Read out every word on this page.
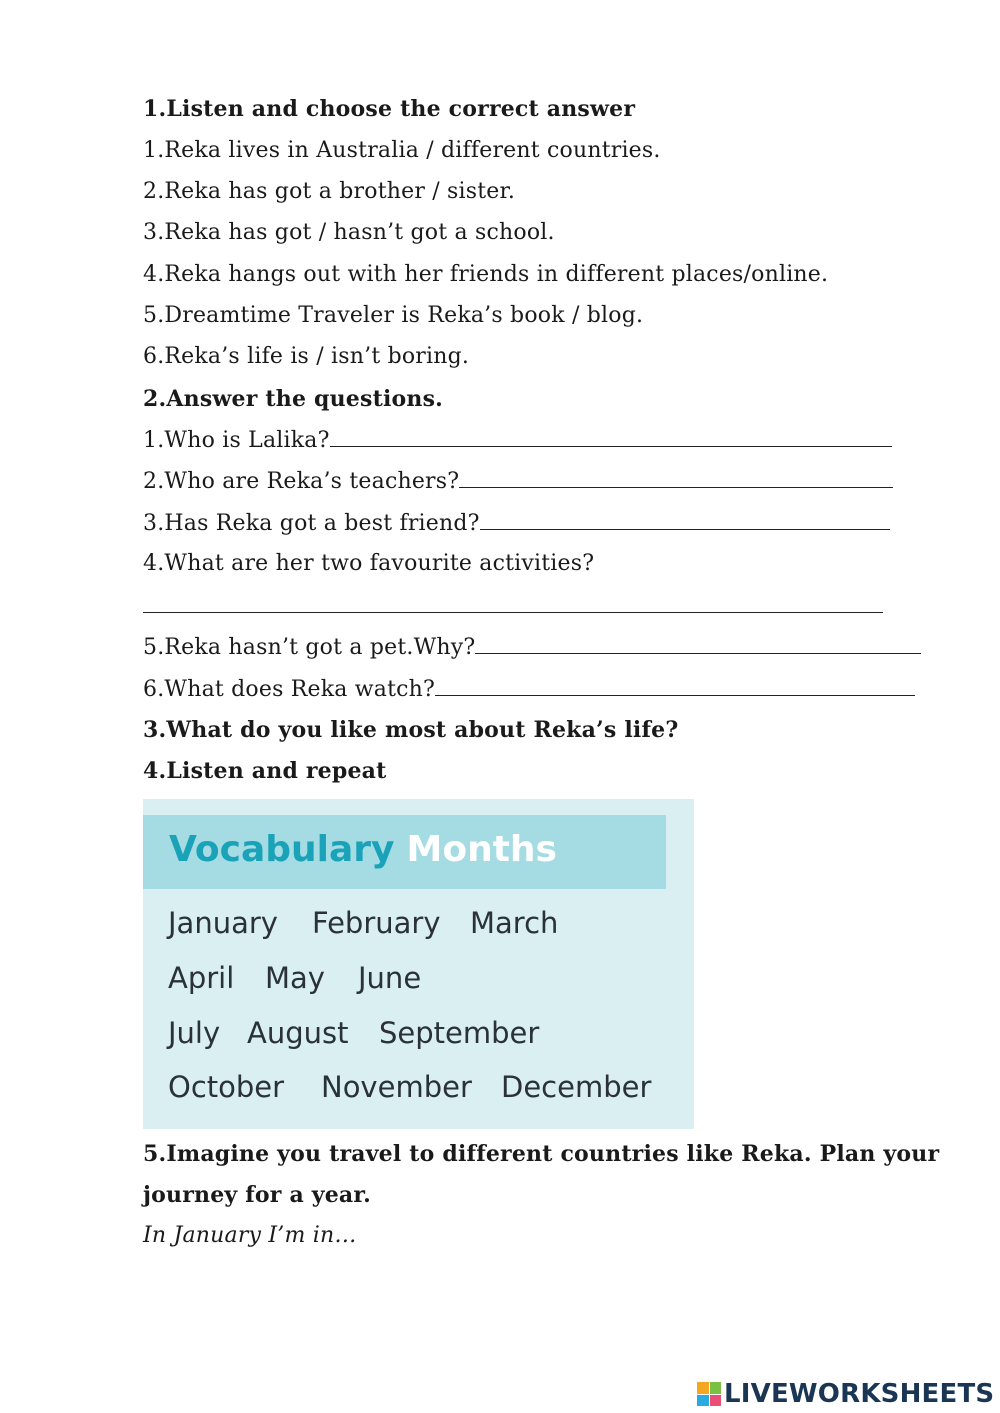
1.Listen and choose the correct answer
1.Reka lives in Australia / different countries.
2.Reka has got a brother / sister.
3.Reka has got / hasn’t got a school.
4.Reka hangs out with her friends in different places/online.
5.Dreamtime Traveler is Reka’s book / blog.
6.Reka’s life is / isn’t boring.
2.Answer the questions.
1.Who is Lalika?
2.Who are Reka’s teachers?
3.Has Reka got a best friend?
4.What are her two favourite activities?
5.Reka hasn’t got a pet.Why?
6.What does Reka watch?
3.What do you like most about Reka’s life?
4.Listen and repeat
Vocabulary Months
January February March
April May June
July August September
October November December
5.Imagine you travel to different countries like Reka. Plan your
journey for a year.
In January I’m in…
LIVEWORKSHEETS
